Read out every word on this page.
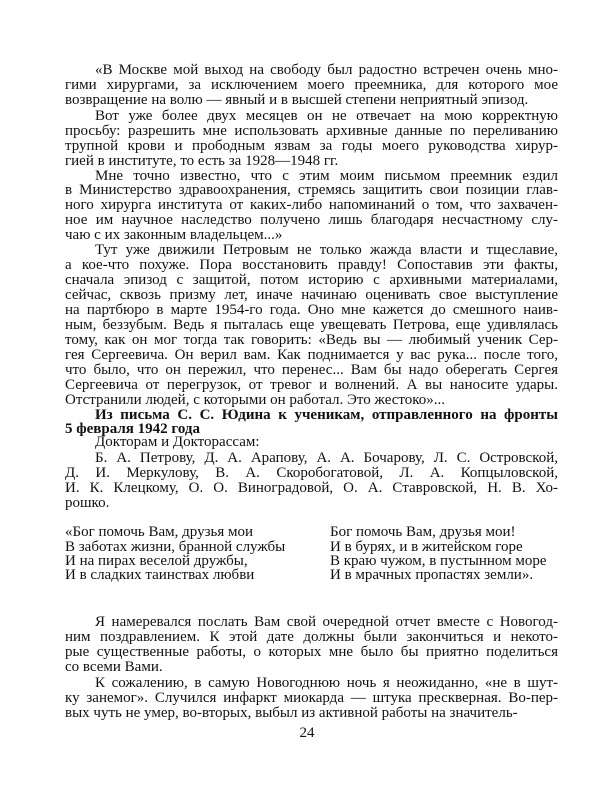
24
«В Москве мой выход на свободу был радостно встречен очень мно-
гими хирургами, за исключением моего преемника, для которого мое
возвращение на волю — явный и в высшей степени неприятный эпизод.
Вот уже более двух месяцев он не отвечает на мою корректную
просьбу: разрешить мне использовать архивные данные по переливанию
трупной крови и прободным язвам за годы моего руководства хирур-
гией в институте, то есть за 1928—1948 гг.
Мне точно известно, что с этим моим письмом преемник ездил
в Министерство здравоохранения, стремясь защитить свои позиции глав-
ного хирурга института от каких-либо напоминаний о том, что захвачен-
ное им научное наследство получено лишь благодаря несчастному слу-
чаю с их законным владельцем...»
Тут уже движили Петровым не только жажда власти и тщеславие,
а кое-что похуже. Пора восстановить правду! Сопоставив эти факты,
сначала эпизод с защитой, потом историю с архивными материалами,
сейчас, сквозь призму лет, иначе начинаю оценивать свое выступление
на партбюро в марте 1954-го года. Оно мне кажется до смешного наив-
ным, беззубым. Ведь я пыталась еще увещевать Петрова, еще удивлялась
тому, как он мог тогда так говорить: «Ведь вы — любимый ученик Сер-
гея Сергеевича. Он верил вам. Как поднимается у вас рука... после того,
что было, что он пережил, что перенес... Вам бы надо оберегать Сергея
Сергеевича от перегрузок, от тревог и волнений. А вы наносите удары.
Отстранили людей, с которыми он работал. Это жестоко»...
Из письма С. С. Юдина к ученикам, отправленного на фронты
5 февраля 1942 года
Докторам и Докторассам:
Б. А. Петрову, Д. А. Арапову, А. А. Бочарову, Л. С. Островской,
Д. И. Меркулову, В. А. Скоробогатовой, Л. А. Копцыловской,
И. К. Клецкому, О. О. Виноградовой, О. А. Ставровской, Н. В. Хо-
рошко.
«Бог помочь Вам, друзья мои
В заботах жизни, бранной службы
И на пирах веселой дружбы,
И в сладких таинствах любви
Бог помочь Вам, друзья мои!
И в бурях, и в житейском горе
В краю чужом, в пустынном море
И в мрачных пропастях земли».
Я намеревался послать Вам свой очередной отчет вместе с Новогод-
ним поздравлением. К этой дате должны были закончиться и некото-
рые существенные работы, о которых мне было бы приятно поделиться
со всеми Вами.
К сожалению, в самую Новогоднюю ночь я неожиданно, «не в шут-
ку занемог». Случился инфаркт миокарда — штука прескверная. Во-пер-
вых чуть не умер, во-вторых, выбыл из активной работы на значитель-
